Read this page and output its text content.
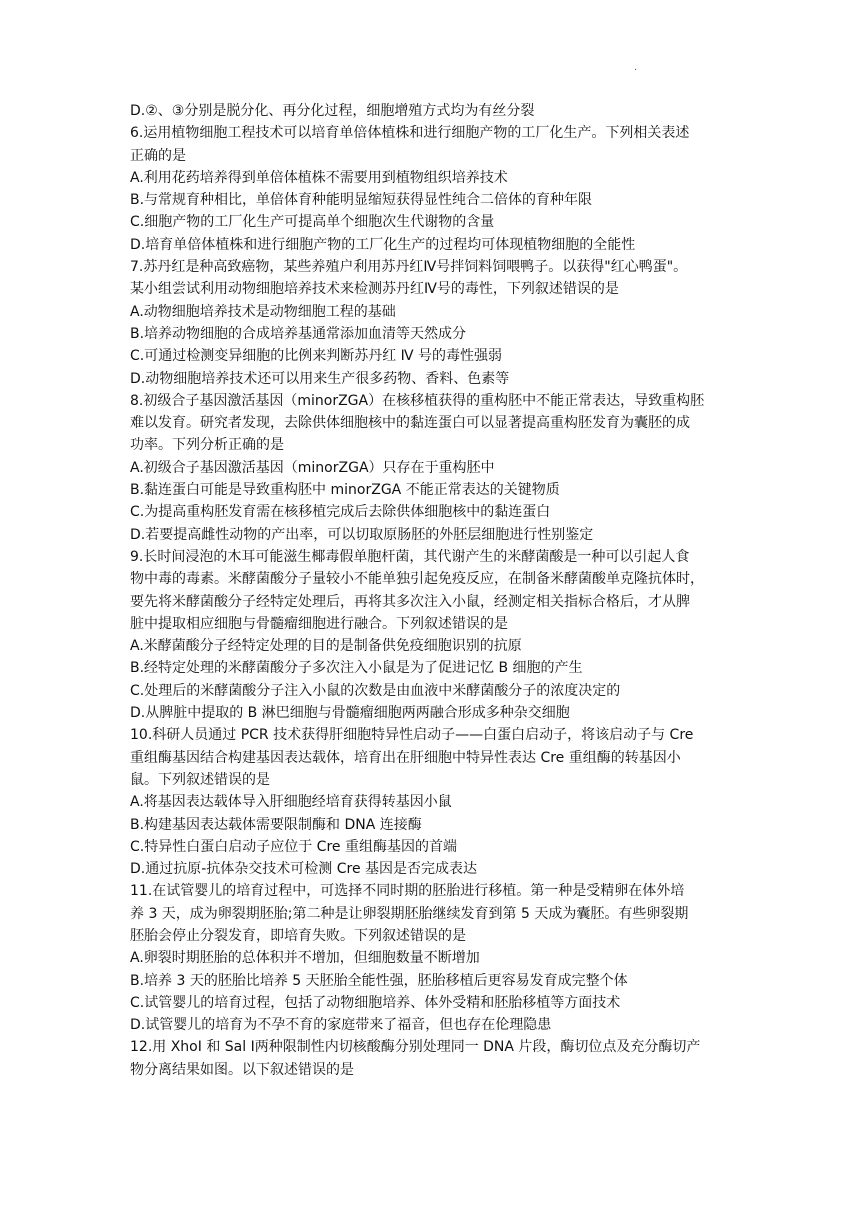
.
D.②、③分别是脱分化、再分化过程，细胞增殖方式均为有丝分裂
6.运用植物细胞工程技术可以培育单倍体植株和进行细胞产物的工厂化生产。下列相关表述
正确的是
A.利用花药培养得到单倍体植株不需要用到植物组织培养技术
B.与常规育种相比，单倍体育种能明显缩短获得显性纯合二倍体的育种年限
C.细胞产物的工厂化生产可提高单个细胞次生代谢物的含量
D.培育单倍体植株和进行细胞产物的工厂化生产的过程均可体现植物细胞的全能性
7.苏丹红是种高致癌物，某些养殖户利用苏丹红Ⅳ号拌饲料饲喂鸭子。以获得"红心鸭蛋"。
某小组尝试利用动物细胞培养技术来检测苏丹红Ⅳ号的毒性，下列叙述错误的是
A.动物细胞培养技术是动物细胞工程的基础
B.培养动物细胞的合成培养基通常添加血清等天然成分
C.可通过检测变异细胞的比例来判断苏丹红 Ⅳ 号的毒性强弱
D.动物细胞培养技术还可以用来生产很多药物、香料、色素等
8.初级合子基因激活基因（minorZGA）在核移植获得的重构胚中不能正常表达，导致重构胚
难以发育。研究者发现，去除供体细胞核中的黏连蛋白可以显著提高重构胚发育为囊胚的成
功率。下列分析正确的是
A.初级合子基因激活基因（minorZGA）只存在于重构胚中
B.黏连蛋白可能是导致重构胚中 minorZGA 不能正常表达的关键物质
C.为提高重构胚发育需在核移植完成后去除供体细胞核中的黏连蛋白
D.若要提高雌性动物的产出率，可以切取原肠胚的外胚层细胞进行性别鉴定
9.长时间浸泡的木耳可能滋生椰毒假单胞杆菌，其代谢产生的米酵菌酸是一种可以引起人食
物中毒的毒素。米酵菌酸分子量较小不能单独引起免疫反应，在制备米酵菌酸单克隆抗体时，
要先将米酵菌酸分子经特定处理后，再将其多次注入小鼠，经测定相关指标合格后，才从脾
脏中提取相应细胞与骨髓瘤细胞进行融合。下列叙述错误的是
A.米酵菌酸分子经特定处理的目的是制备供免疫细胞识别的抗原
B.经特定处理的米酵菌酸分子多次注入小鼠是为了促进记忆 B 细胞的产生
C.处理后的米酵菌酸分子注入小鼠的次数是由血液中米酵菌酸分子的浓度决定的
D.从脾脏中提取的 B 淋巴细胞与骨髓瘤细胞两两融合形成多种杂交细胞
10.科研人员通过 PCR 技术获得肝细胞特异性启动子——白蛋白启动子，将该启动子与 Cre
重组酶基因结合构建基因表达载体，培育出在肝细胞中特异性表达 Cre 重组酶的转基因小
鼠。下列叙述错误的是
A.将基因表达载体导入肝细胞经培育获得转基因小鼠
B.构建基因表达载体需要限制酶和 DNA 连接酶
C.特异性白蛋白启动子应位于 Cre 重组酶基因的首端
D.通过抗原-抗体杂交技术可检测 Cre 基因是否完成表达
11.在试管婴儿的培育过程中，可选择不同时期的胚胎进行移植。第一种是受精卵在体外培
养 3 天，成为卵裂期胚胎;第二种是让卵裂期胚胎继续发育到第 5 天成为囊胚。有些卵裂期
胚胎会停止分裂发育，即培育失败。下列叙述错误的是
A.卵裂时期胚胎的总体积并不增加，但细胞数量不断增加
B.培养 3 天的胚胎比培养 5 天胚胎全能性强，胚胎移植后更容易发育成完整个体
C.试管婴儿的培育过程，包括了动物细胞培养、体外受精和胚胎移植等方面技术
D.试管婴儿的培育为不孕不育的家庭带来了福音，但也存在伦理隐患
12.用 XhoI 和 Sal Ⅰ两种限制性内切核酸酶分别处理同一 DNA 片段，酶切位点及充分酶切产
物分离结果如图。以下叙述错误的是
